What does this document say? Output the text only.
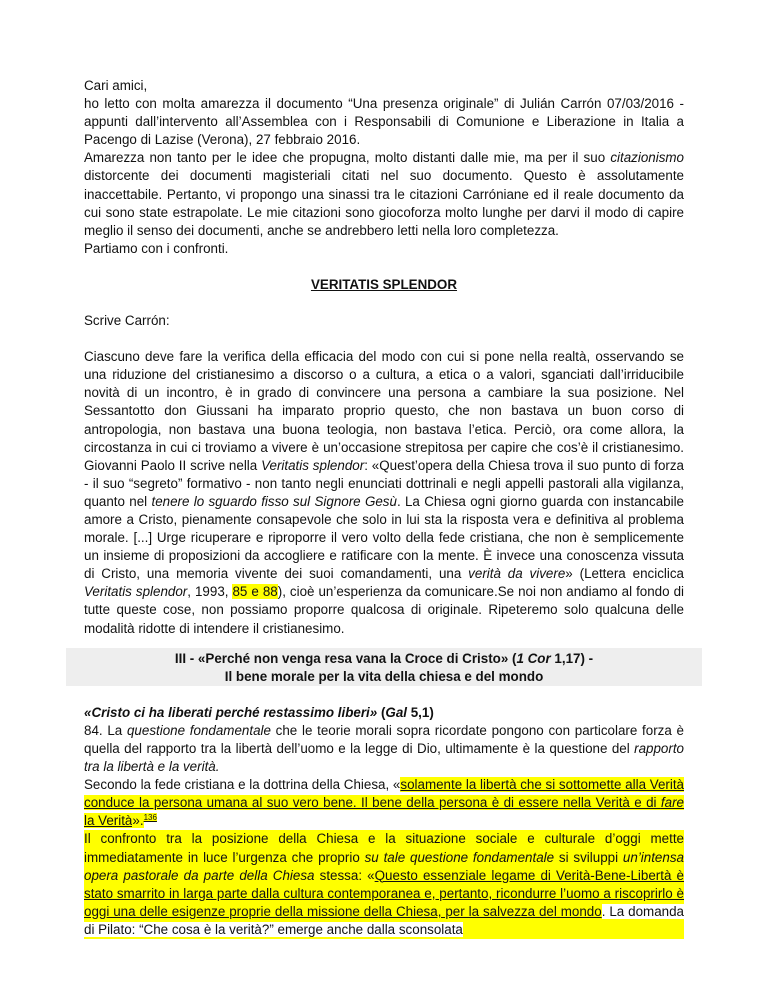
Cari amici,

ho letto con molta amarezza il documento “Una presenza originale” di Julián Carrón 07/03/2016 - appunti dall’intervento all’Assemblea con i Responsabili di Comunione e Liberazione in Italia a Pacengo di Lazise (Verona), 27 febbraio 2016.

Amarezza non tanto per le idee che propugna, molto distanti dalle mie, ma per il suo citazionismo distorcente dei documenti magisteriali citati nel suo documento. Questo è assolutamente inaccettabile. Pertanto, vi propongo una sinassi tra le citazioni Carróniane ed il reale documento da cui sono state estrapolate. Le mie citazioni sono giocoforza molto lunghe per darvi il modo di capire meglio il senso dei documenti, anche se andrebbero letti nella loro completezza.

Partiamo con i confronti.

VERITATIS SPLENDOR

Scrive Carrón:

Ciascuno deve fare la verifica della efficacia del modo con cui si pone nella realtà, osservando se una riduzione del cristianesimo a discorso o a cultura, a etica o a valori, sganciati dall’irriducibile novità di un incontro, è in grado di convincere una persona a cambiare la sua posizione. Nel Sessantotto don Giussani ha imparato proprio questo, che non bastava un buon corso di antropologia, non bastava una buona teologia, non bastava l’etica. Perciò, ora come allora, la circostanza in cui ci troviamo a vivere è un’occasione strepitosa per capire che cos’è il cristianesimo. Giovanni Paolo II scrive nella Veritatis splendor: «Quest’opera della Chiesa trova il suo punto di forza - il suo “segreto” formativo - non tanto negli enunciati dottrinali e negli appelli pastorali alla vigilanza, quanto nel tenere lo sguardo fisso sul Signore Gesù. La Chiesa ogni giorno guarda con instancabile amore a Cristo, pienamente consapevole che solo in lui sta la risposta vera e definitiva al problema morale. [...] Urge ricuperare e riproporre il vero volto della fede cristiana, che non è semplicemente un insieme di proposizioni da accogliere e ratificare con la mente. È invece una conoscenza vissuta di Cristo, una memoria vivente dei suoi comandamenti, una verità da vivere» (Lettera enciclica Veritatis splendor, 1993, 85 e 88), cioè un’esperienza da comunicare.Se noi non andiamo al fondo di tutte queste cose, non possiamo proporre qualcosa di originale. Ripeteremo solo qualcuna delle modalità ridotte di intendere il cristianesimo.

III - «Perché non venga resa vana la Croce di Cristo» (1 Cor 1,17) -

Il bene morale per la vita della chiesa e del mondo

«Cristo ci ha liberati perché restassimo liberi» (Gal 5,1)

84. La questione fondamentale che le teorie morali sopra ricordate pongono con particolare forza è quella del rapporto tra la libertà dell’uomo e la legge di Dio, ultimamente è la questione del rapporto tra la libertà e la verità.

Secondo la fede cristiana e la dottrina della Chiesa, «solamente la libertà che si sottomette alla Verità conduce la persona umana al suo vero bene. Il bene della persona è di essere nella Verità e di fare la Verità».$^{136}$

Il confronto tra la posizione della Chiesa e la situazione sociale e culturale d’oggi mette immediatamente in luce l’urgenza che proprio su tale questione fondamentale si sviluppi un’intensa opera pastorale da parte della Chiesa stessa: «Questo essenziale legame di Verità-Bene-Libertà è stato smarrito in larga parte dalla cultura contemporanea e, pertanto, ricondurre l’uomo a riscoprirlo è oggi una delle esigenze proprie della missione della Chiesa, per la salvezza del mondo. La domanda di Pilato: “Che cosa è la verità?” emerge anche dalla sconsolata
